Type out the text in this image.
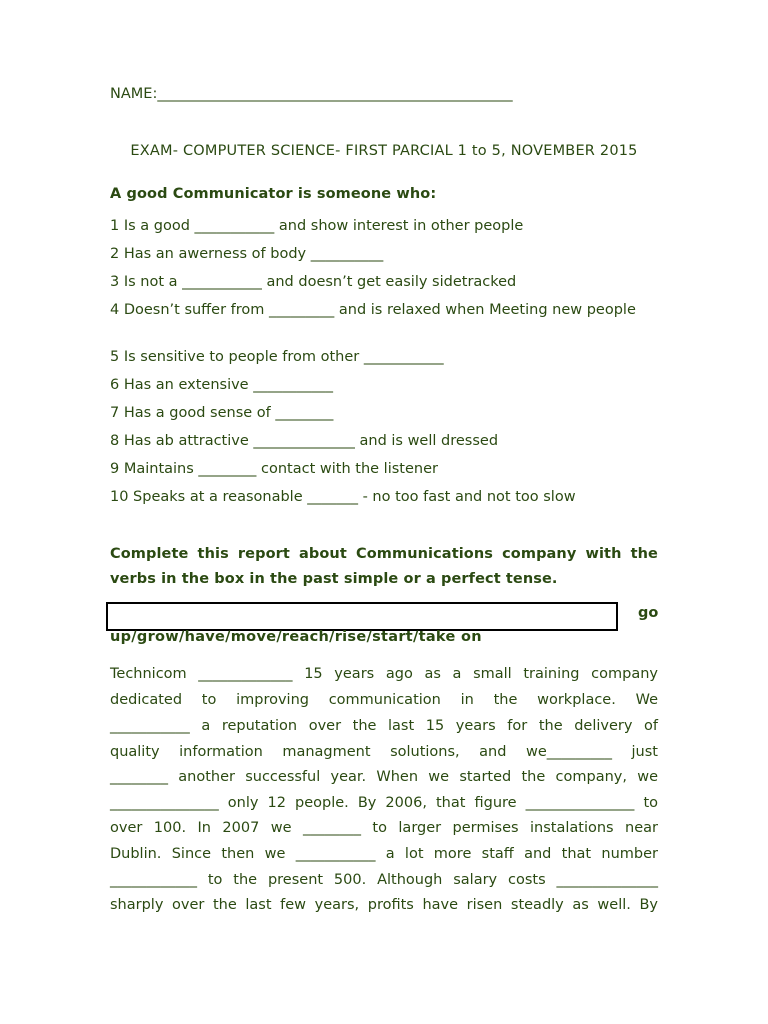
NAME:_________________________________________________
EXAM- COMPUTER SCIENCE- FIRST PARCIAL 1 to 5, NOVEMBER 2015
A good Communicator is someone who:
1 Is a good ___________ and show interest in other people
2 Has an awerness of body __________
3 Is not a ___________ and doesn’t get easily sidetracked
4 Doesn’t suffer from _________ and is relaxed when Meeting new people
5 Is sensitive to people from other ___________
6 Has an extensive ___________
7 Has a good sense of ________
8 Has ab attractive ______________ and is well dressed
9 Maintains ________ contact with the listener
10 Speaks at a reasonable _______ - no too fast and not too slow
Complete this report about Communications company with the verbs in the box in the past simple or a perfect tense.
go
up/grow/have/move/reach/rise/start/take on
Technicom _____________ 15 years ago as a small training company
dedicated to improving communication in the workplace. We
___________ a reputation over the last 15 years for the delivery of
quality information managment solutions, and we_________ just
________ another successful year. When we started the company, we
_______________ only 12 people. By 2006, that figure _______________ to
over 100. In 2007 we ________ to larger permises instalations near
Dublin. Since then we ___________ a lot more staff and that number
____________ to the present 500. Although salary costs ______________
sharply over the last few years, profits have risen steadly as well. By
